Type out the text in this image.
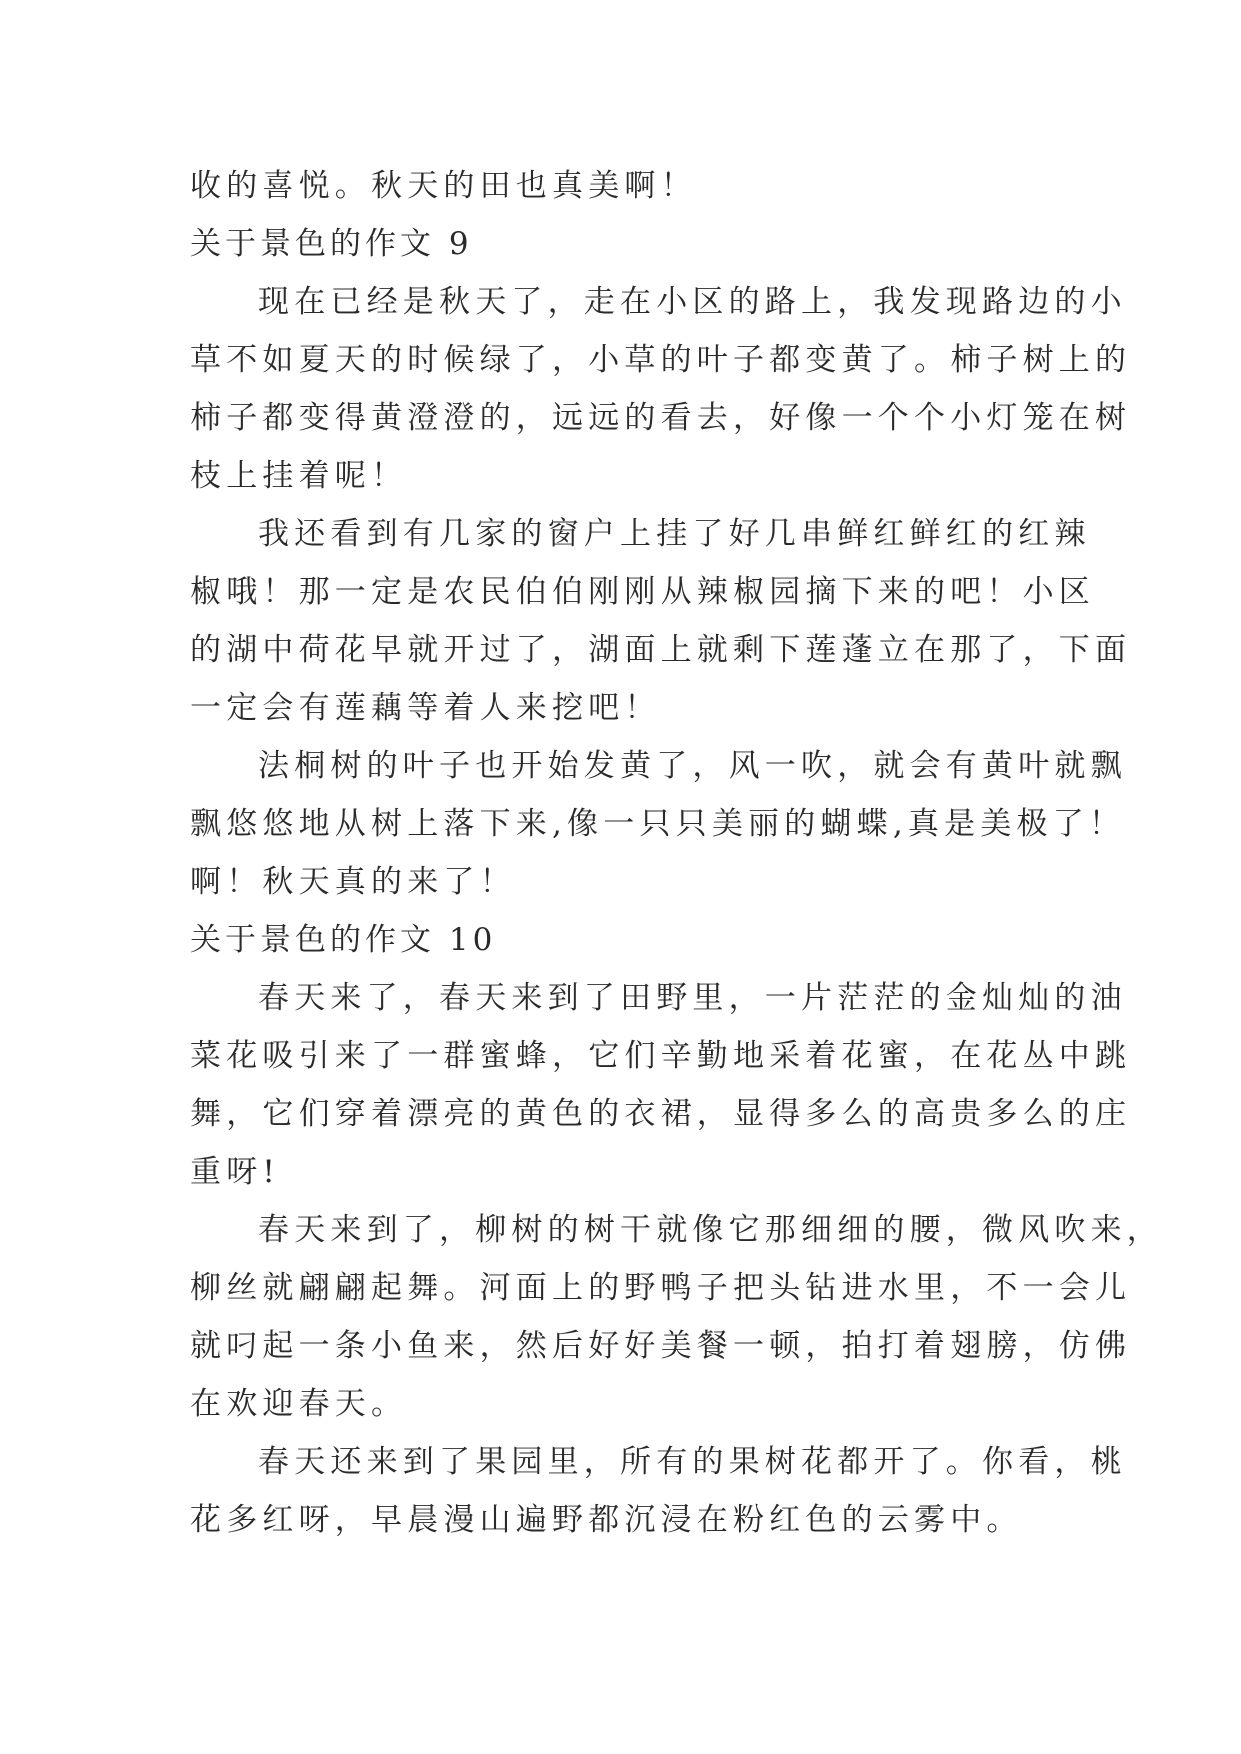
收的喜悦。秋天的田也真美啊！

关于景色的作文 9

现在已经是秋天了，走在小区的路上，我发现路边的小

草不如夏天的时候绿了，小草的叶子都变黄了。柿子树上的

柿子都变得黄澄澄的，远远的看去，好像一个个小灯笼在树

枝上挂着呢！

我还看到有几家的窗户上挂了好几串鲜红鲜红的红辣

椒哦！那一定是农民伯伯刚刚从辣椒园摘下来的吧！小区

的湖中荷花早就开过了，湖面上就剩下莲蓬立在那了，下面

一定会有莲藕等着人来挖吧！

法桐树的叶子也开始发黄了，风一吹，就会有黄叶就飘

飘悠悠地从树上落下来,像一只只美丽的蝴蝶,真是美极了！

啊！秋天真的来了！

关于景色的作文 10

春天来了，春天来到了田野里，一片茫茫的金灿灿的油

菜花吸引来了一群蜜蜂，它们辛勤地采着花蜜，在花丛中跳

舞，它们穿着漂亮的黄色的衣裙，显得多么的高贵多么的庄

重呀!

春天来到了，柳树的树干就像它那细细的腰，微风吹来，

柳丝就翩翩起舞。河面上的野鸭子把头钻进水里，不一会儿

就叼起一条小鱼来，然后好好美餐一顿，拍打着翅膀，仿佛

在欢迎春天。

春天还来到了果园里，所有的果树花都开了。你看，桃

花多红呀，早晨漫山遍野都沉浸在粉红色的云雾中。
